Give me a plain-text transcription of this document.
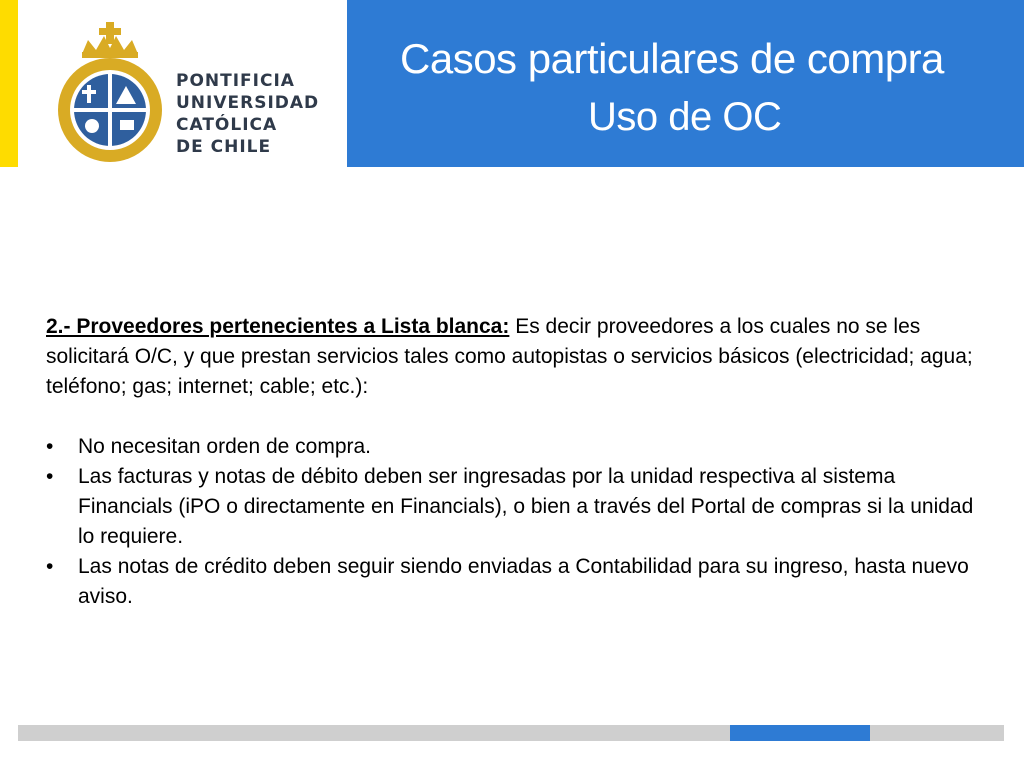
PONTIFICIA
UNIVERSIDAD
CATÓLICA
DE CHILE
Casos particulares de compra
Uso de OC

2.- Proveedores pertenecientes a Lista blanca: Es decir proveedores a los cuales no se les solicitará O/C, y que prestan servicios tales como autopistas o servicios básicos (electricidad; agua; teléfono; gas; internet; cable; etc.):

• No necesitan orden de compra.
• Las facturas y notas de débito deben ser ingresadas por la unidad respectiva al sistema Financials (iPO o directamente en Financials), o bien a través del Portal de compras si la unidad lo requiere.
• Las notas de crédito deben seguir siendo enviadas a Contabilidad para su ingreso, hasta nuevo aviso.
